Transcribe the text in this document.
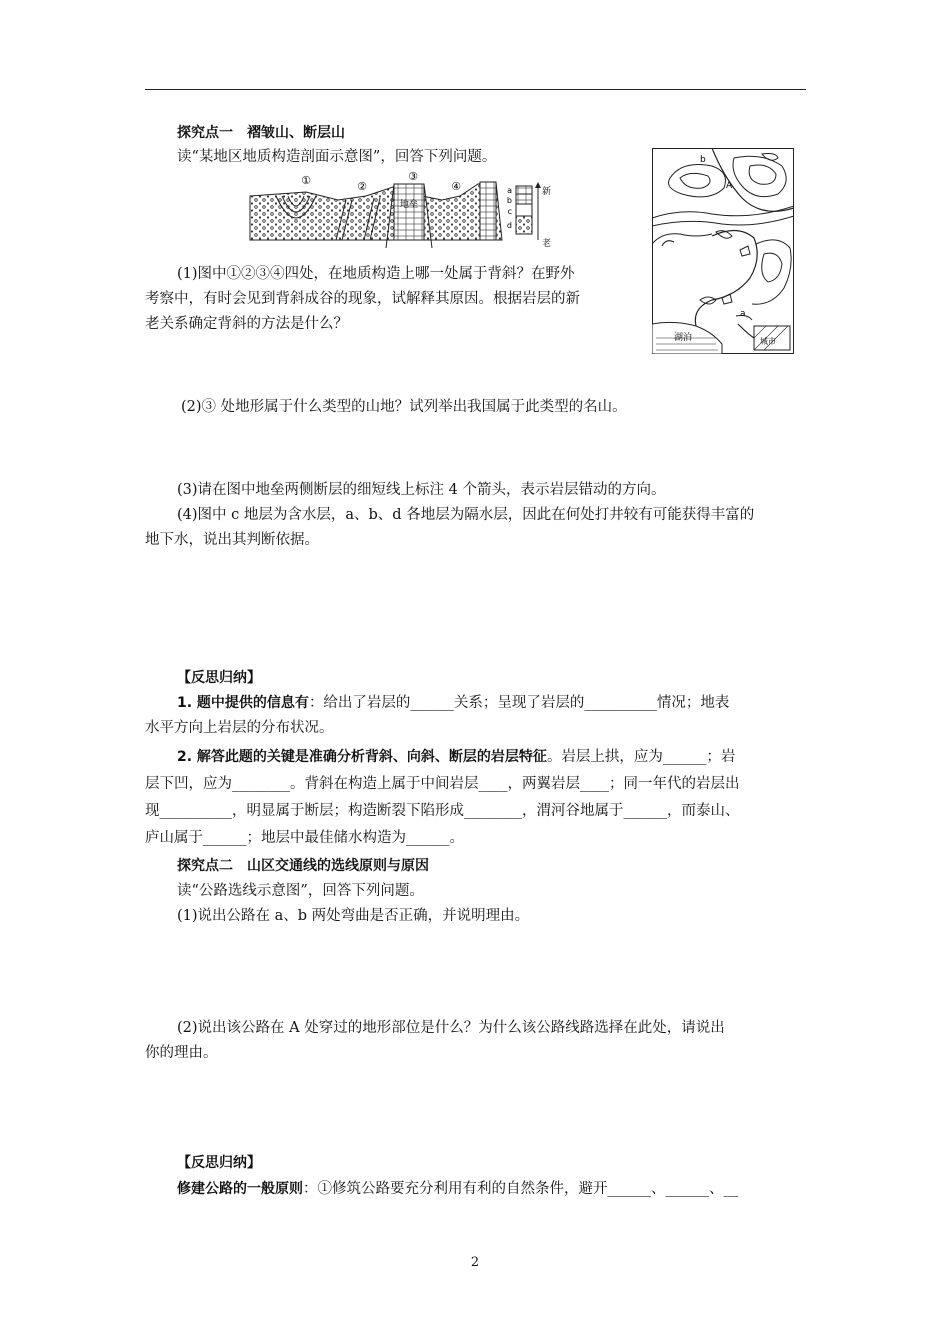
探究点一　褶皱山、断层山
读“某地区地质构造剖面示意图”，回答下列问题。
①	②
③
④
地垒
a
b
c
d
新
老
b
A
a
湖泊	城市
(1)图中①②③④四处，在地质构造上哪一处属于背斜？在野外
考察中，有时会见到背斜成谷的现象，试解释其原因。根据岩层的新
老关系确定背斜的方法是什么？
(2)③ 处地形属于什么类型的山地？试列举出我国属于此类型的名山。
(3)请在图中地垒两侧断层的细短线上标注 4 个箭头，表示岩层错动的方向。
(4)图中 c 地层为含水层，a、b、d 各地层为隔水层，因此在何处打井较有可能获得丰富的
地下水，说出其判断依据。
【反思归纳】
1. 题中提供的信息有：给出了岩层的______关系；呈现了岩层的__________情况；地表
水平方向上岩层的分布状况。
2. 解答此题的关键是准确分析背斜、向斜、断层的岩层特征。岩层上拱，应为______；岩
层下凹，应为________。背斜在构造上属于中间岩层____，两翼岩层____；同一年代的岩层出
现__________，明显属于断层；构造断裂下陷形成________，渭河谷地属于______，而泰山、
庐山属于______；地层中最佳储水构造为______。
探究点二　山区交通线的选线原则与原因
读“公路选线示意图”，回答下列问题。
(1)说出公路在 a、b 两处弯曲是否正确，并说明理由。
(2)说出该公路在 A 处穿过的地形部位是什么？为什么该公路线路选择在此处，请说出
你的理由。
【反思归纳】
修建公路的一般原则：①修筑公路要充分利用有利的自然条件，避开______、______、__
2
